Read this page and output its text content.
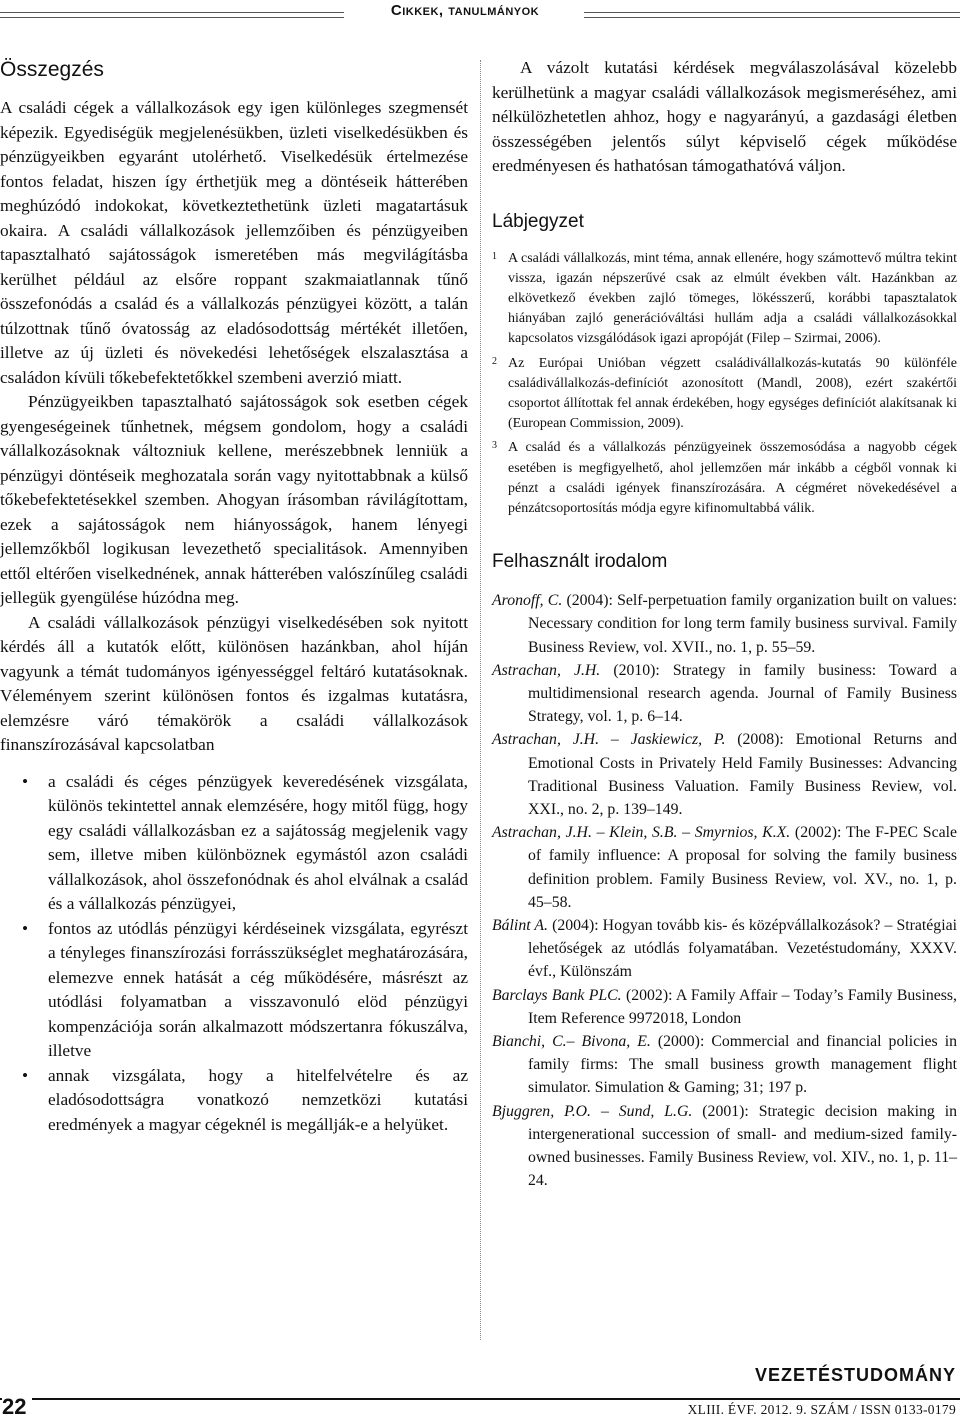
Cikkek, tanulmányok
Összegzés

A családi cégek a vállalkozások egy igen különleges szegmensét képezik. Egyediségük megjelenésükben, üzleti viselkedésükben és pénzügyeikben egyaránt utolérhető. Viselkedésük értelmezése fontos feladat, hiszen így érthetjük meg a döntéseik hátterében meghúzódó indokokat, következtethetünk üzleti magatartásuk okaira. A családi vállalkozások jellemzőiben és pénzügyeiben tapasztalható sajátosságok ismeretében más megvilágításba kerülhet például az elsőre roppant szakmaiatlannak tűnő összefonódás a család és a vállalkozás pénzügyei között, a talán túlzottnak tűnő óvatosság az eladósodottság mértékét illetően, illetve az új üzleti és növekedési lehetőségek elszalasztása a családon kívüli tőkebefektetőkkel szembeni averzió miatt.

Pénzügyeikben tapasztalható sajátosságok sok esetben cégek gyengeségeinek tűnhetnek, mégsem gondolom, hogy a családi vállalkozásoknak változniuk kellene, merészebbnek lenniük a pénzügyi döntéseik meghozatala során vagy nyitottabbnak a külső tőkebefektetésekkel szemben. Ahogyan írásomban rávilágítottam, ezek a sajátosságok nem hiányosságok, hanem lényegi jellemzőkből logikusan levezethető specialitások. Amennyiben ettől eltérően viselkednének, annak hátterében valószínűleg családi jellegük gyengülése húzódna meg.

A családi vállalkozások pénzügyi viselkedésében sok nyitott kérdés áll a kutatók előtt, különösen hazánkban, ahol híján vagyunk a témát tudományos igényességgel feltáró kutatásoknak. Véleményem szerint különösen fontos és izgalmas kutatásra, elemzésre váró témakörök a családi vállalkozások finanszírozásával kapcsolatban

• a családi és céges pénzügyek keveredésének vizsgálata, különös tekintettel annak elemzésére, hogy mitől függ, hogy egy családi vállalkozásban ez a sajátosság megjelenik vagy sem, illetve miben különböznek egymástól azon családi vállalkozások, ahol összefonódnak és ahol elválnak a család és a vállalkozás pénzügyei,
• fontos az utódlás pénzügyi kérdéseinek vizsgálata, egyrészt a tényleges finanszírozási forrásszükséglet meghatározására, elemezve ennek hatását a cég működésére, másrészt az utódlási folyamatban a visszavonuló elöd pénzügyi kompenzációja során alkalmazott módszertanra fókuszálva, illetve
• annak vizsgálata, hogy a hitelfelvételre és az eladósodottságra vonatkozó nemzetközi kutatási eredmények a magyar cégeknél is megállják-e a helyüket.

A vázolt kutatási kérdések megválaszolásával közelebb kerülhetünk a magyar családi vállalkozások megismeréséhez, ami nélkülözhetetlen ahhoz, hogy e nagyarányú, a gazdasági életben összességében jelentős súlyt képviselő cégek működése eredményesen és hathatósan támogathatóvá váljon.

Lábjegyzet
1 A családi vállalkozás, mint téma, annak ellenére, hogy számottevő múltra tekint vissza, igazán népszerűvé csak az elmúlt években vált. Hazánkban az elkövetkező években zajló tömeges, lökésszerű, korábbi tapasztalatok hiányában zajló generációváltási hullám adja a családi vállalkozásokkal kapcsolatos vizsgálódások igazi apropóját (Filep – Szirmai, 2006).
2 Az Európai Unióban végzett családivállalkozás-kutatás 90 különféle családivállalkozás-definíciót azonosított (Mandl, 2008), ezért szakértői csoportot állítottak fel annak érdekében, hogy egységes definíciót alakítsanak ki (European Commission, 2009).
3 A család és a vállalkozás pénzügyeinek összemosódása a nagyobb cégek esetében is megfigyelhető, ahol jellemzően már inkább a cégből vonnak ki pénzt a családi igények finanszírozására. A cégméret növekedésével a pénzátcsoportosítás módja egyre kifinomultabbá válik.
Felhasznált irodalom
Aronoff, C. (2004): Self-perpetuation family organization built on values: Necessary condition for long term family business survival. Family Business Review, vol. XVII., no. 1, p. 55–59.
Astrachan, J.H. (2010): Strategy in family business: Toward a multidimensional research agenda. Journal of Family Business Strategy, vol. 1, p. 6–14.
Astrachan, J.H. – Jaskiewicz, P. (2008): Emotional Returns and Emotional Costs in Privately Held Family Businesses: Advancing Traditional Business Valuation. Family Business Review, vol. XXI., no. 2, p. 139–149.
Astrachan, J.H. – Klein, S.B. – Smyrnios, K.X. (2002): The F-PEC Scale of family influence: A proposal for solving the family business definition problem. Family Business Review, vol. XV., no. 1, p. 45–58.
Bálint A. (2004): Hogyan tovább kis- és középvállalkozások? – Stratégiai lehetőségek az utódlás folyamatában. Vezetéstudomány, XXXV. évf., Különszám
Barclays Bank PLC. (2002): A Family Affair – Today’s Family Business, Item Reference 9972018, London
Bianchi, C.– Bivona, E. (2000): Commercial and financial policies in family firms: The small business growth management flight simulator. Simulation & Gaming; 31; 197 p.
Bjuggren, P.O. – Sund, L.G. (2001): Strategic decision making in intergenerational succession of small- and medium-sized family-owned businesses. Family Business Review, vol. XIV., no. 1, p. 11–24.
VEZETÉSTUDOMÁNY
22	XLIII. ÉVF. 2012. 9. SZÁM / ISSN 0133-0179
